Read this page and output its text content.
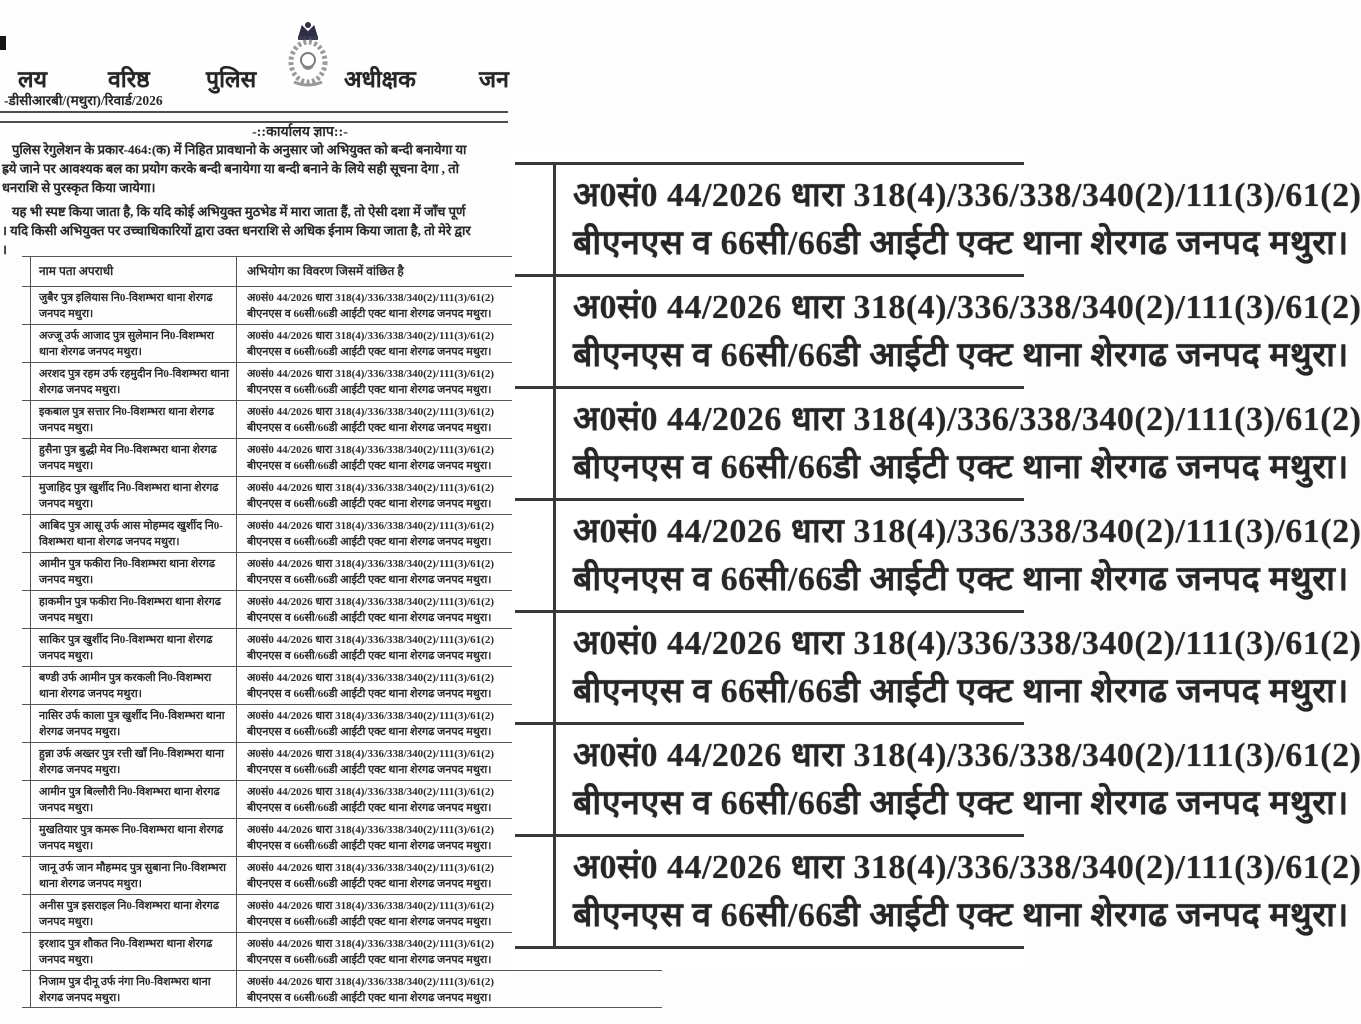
लय	वरिष्ठ पुलिस	अधीक्षक	जन
-डीसीआरबी/(मथुरा)/रिवार्ड/2026
-::कार्यालय ज्ञाप::-
पुलिस रेगुलेशन के प्रकार-464:(क) में निहित प्रावधानो के अनुसार जो अभियुक्त को बन्दी बनायेगा या
ह्रये जाने पर आवश्यक बल का प्रयोग करके बन्दी बनायेगा या बन्दी बनाने के लिये सही सूचना देगा , तो
धनराशि से पुरस्कृत किया जायेगा।
यह भी स्पष्ट किया जाता है, कि यदि कोई अभियुक्त मुठभेड में मारा जाता हैं, तो ऐसी दशा में जाँच पूर्ण
। यदि किसी अभियुक्त पर उच्चाधिकारियों द्वारा उक्त धनराशि से अधिक ईनाम किया जाता है, तो मेरे द्वार
।
नाम पता अपराधी	अभियोग का विवरण जिसमें वांछित है
जुबैर पुत्र इलियास नि0-विशम्भरा थाना शेरगढ जनपद मथुरा।
अ0सं0 44/2026 धारा 318(4)/336/338/340(2)/111(3)/61(2)
बीएनएस व 66सी/66डी आईटी एक्ट थाना शेरगढ जनपद मथुरा।
अज्जू उर्फ आजाद पुत्र सुलेमान नि0-विशम्भरा थाना शेरगढ जनपद मथुरा।
अ0सं0 44/2026 धारा 318(4)/336/338/340(2)/111(3)/61(2)
बीएनएस व 66सी/66डी आईटी एक्ट थाना शेरगढ जनपद मथुरा।
अरशद पुत्र रहम उर्फ रहमुदीन नि0-विशम्भरा थाना शेरगढ जनपद मथुरा।
अ0सं0 44/2026 धारा 318(4)/336/338/340(2)/111(3)/61(2)
बीएनएस व 66सी/66डी आईटी एक्ट थाना शेरगढ जनपद मथुरा।
इकबाल पुत्र सत्तार नि0-विशम्भरा थाना शेरगढ जनपद मथुरा।
अ0सं0 44/2026 धारा 318(4)/336/338/340(2)/111(3)/61(2)
बीएनएस व 66सी/66डी आईटी एक्ट थाना शेरगढ जनपद मथुरा।
हुसैना पुत्र बुद्धी मेव नि0-विशम्भरा थाना शेरगढ जनपद मथुरा।
अ0सं0 44/2026 धारा 318(4)/336/338/340(2)/111(3)/61(2)
बीएनएस व 66सी/66डी आईटी एक्ट थाना शेरगढ जनपद मथुरा।
मुजाहिद पुत्र खुर्शीद नि0-विशम्भरा थाना शेरगढ जनपद मथुरा।
अ0सं0 44/2026 धारा 318(4)/336/338/340(2)/111(3)/61(2)
बीएनएस व 66सी/66डी आईटी एक्ट थाना शेरगढ जनपद मथुरा।
आबिद पुत्र आसू उर्फ आस मोहम्मद खुर्शीद नि0-विशम्भरा थाना शेरगढ जनपद मथुरा।
अ0सं0 44/2026 धारा 318(4)/336/338/340(2)/111(3)/61(2)
बीएनएस व 66सी/66डी आईटी एक्ट थाना शेरगढ जनपद मथुरा।
आमीन पुत्र फकीरा नि0-विशम्भरा थाना शेरगढ जनपद मथुरा।
अ0सं0 44/2026 धारा 318(4)/336/338/340(2)/111(3)/61(2)
बीएनएस व 66सी/66डी आईटी एक्ट थाना शेरगढ जनपद मथुरा।
हाकमीन पुत्र फकीरा नि0-विशम्भरा थाना शेरगढ जनपद मथुरा।
अ0सं0 44/2026 धारा 318(4)/336/338/340(2)/111(3)/61(2)
बीएनएस व 66सी/66डी आईटी एक्ट थाना शेरगढ जनपद मथुरा।
साकिर पुत्र खुर्शीद नि0-विशम्भरा थाना शेरगढ जनपद मथुरा।
अ0सं0 44/2026 धारा 318(4)/336/338/340(2)/111(3)/61(2)
बीएनएस व 66सी/66डी आईटी एक्ट थाना शेरगढ जनपद मथुरा।
बण्डी उर्फ आमीन पुत्र करकली नि0-विशम्भरा थाना शेरगढ जनपद मथुरा।
अ0सं0 44/2026 धारा 318(4)/336/338/340(2)/111(3)/61(2)
बीएनएस व 66सी/66डी आईटी एक्ट थाना शेरगढ जनपद मथुरा।
नासिर उर्फ काला पुत्र खुर्शीद नि0-विशम्भरा थाना शेरगढ जनपद मथुरा।
अ0सं0 44/2026 धारा 318(4)/336/338/340(2)/111(3)/61(2)
बीएनएस व 66सी/66डी आईटी एक्ट थाना शेरगढ जनपद मथुरा।
हुन्ना उर्फ अख्तर पुत्र रत्ती खाँ नि0-विशम्भरा थाना शेरगढ जनपद मथुरा।
अ0सं0 44/2026 धारा 318(4)/336/338/340(2)/111(3)/61(2)
बीएनएस व 66सी/66डी आईटी एक्ट थाना शेरगढ जनपद मथुरा।
आमीन पुत्र बिल्लौरी नि0-विशम्भरा थाना शेरगढ जनपद मथुरा।
अ0सं0 44/2026 धारा 318(4)/336/338/340(2)/111(3)/61(2)
बीएनएस व 66सी/66डी आईटी एक्ट थाना शेरगढ जनपद मथुरा।
मुखतियार पुत्र कमरू नि0-विशम्भरा थाना शेरगढ जनपद मथुरा।
अ0सं0 44/2026 धारा 318(4)/336/338/340(2)/111(3)/61(2)
बीएनएस व 66सी/66डी आईटी एक्ट थाना शेरगढ जनपद मथुरा।
जानू उर्फ जान मौहम्मद पुत्र सुबाना नि0-विशम्भरा थाना शेरगढ जनपद मथुरा।
अ0सं0 44/2026 धारा 318(4)/336/338/340(2)/111(3)/61(2)
बीएनएस व 66सी/66डी आईटी एक्ट थाना शेरगढ जनपद मथुरा।
अनीस पुत्र इसराइल नि0-विशम्भरा थाना शेरगढ जनपद मथुरा।
अ0सं0 44/2026 धारा 318(4)/336/338/340(2)/111(3)/61(2)
बीएनएस व 66सी/66डी आईटी एक्ट थाना शेरगढ जनपद मथुरा।
इरशाद पुत्र शौकत नि0-विशम्भरा थाना शेरगढ जनपद मथुरा।
अ0सं0 44/2026 धारा 318(4)/336/338/340(2)/111(3)/61(2)
बीएनएस व 66सी/66डी आईटी एक्ट थाना शेरगढ जनपद मथुरा।
निजाम पुत्र दीनू उर्फ नंगा नि0-विशम्भरा थाना शेरगढ जनपद मथुरा।
अ0सं0 44/2026 धारा 318(4)/336/338/340(2)/111(3)/61(2)
बीएनएस व 66सी/66डी आईटी एक्ट थाना शेरगढ जनपद मथुरा।
अ0सं0 44/2026 धारा 318(4)/336/338/340(2)/111(3)/61(2)
बीएनएस व 66सी/66डी आईटी एक्ट थाना शेरगढ जनपद मथुरा।
अ0सं0 44/2026 धारा 318(4)/336/338/340(2)/111(3)/61(2)
बीएनएस व 66सी/66डी आईटी एक्ट थाना शेरगढ जनपद मथुरा।
अ0सं0 44/2026 धारा 318(4)/336/338/340(2)/111(3)/61(2)
बीएनएस व 66सी/66डी आईटी एक्ट थाना शेरगढ जनपद मथुरा।
अ0सं0 44/2026 धारा 318(4)/336/338/340(2)/111(3)/61(2)
बीएनएस व 66सी/66डी आईटी एक्ट थाना शेरगढ जनपद मथुरा।
अ0सं0 44/2026 धारा 318(4)/336/338/340(2)/111(3)/61(2)
बीएनएस व 66सी/66डी आईटी एक्ट थाना शेरगढ जनपद मथुरा।
अ0सं0 44/2026 धारा 318(4)/336/338/340(2)/111(3)/61(2)
बीएनएस व 66सी/66डी आईटी एक्ट थाना शेरगढ जनपद मथुरा।
अ0सं0 44/2026 धारा 318(4)/336/338/340(2)/111(3)/61(2)
बीएनएस व 66सी/66डी आईटी एक्ट थाना शेरगढ जनपद मथुरा।
